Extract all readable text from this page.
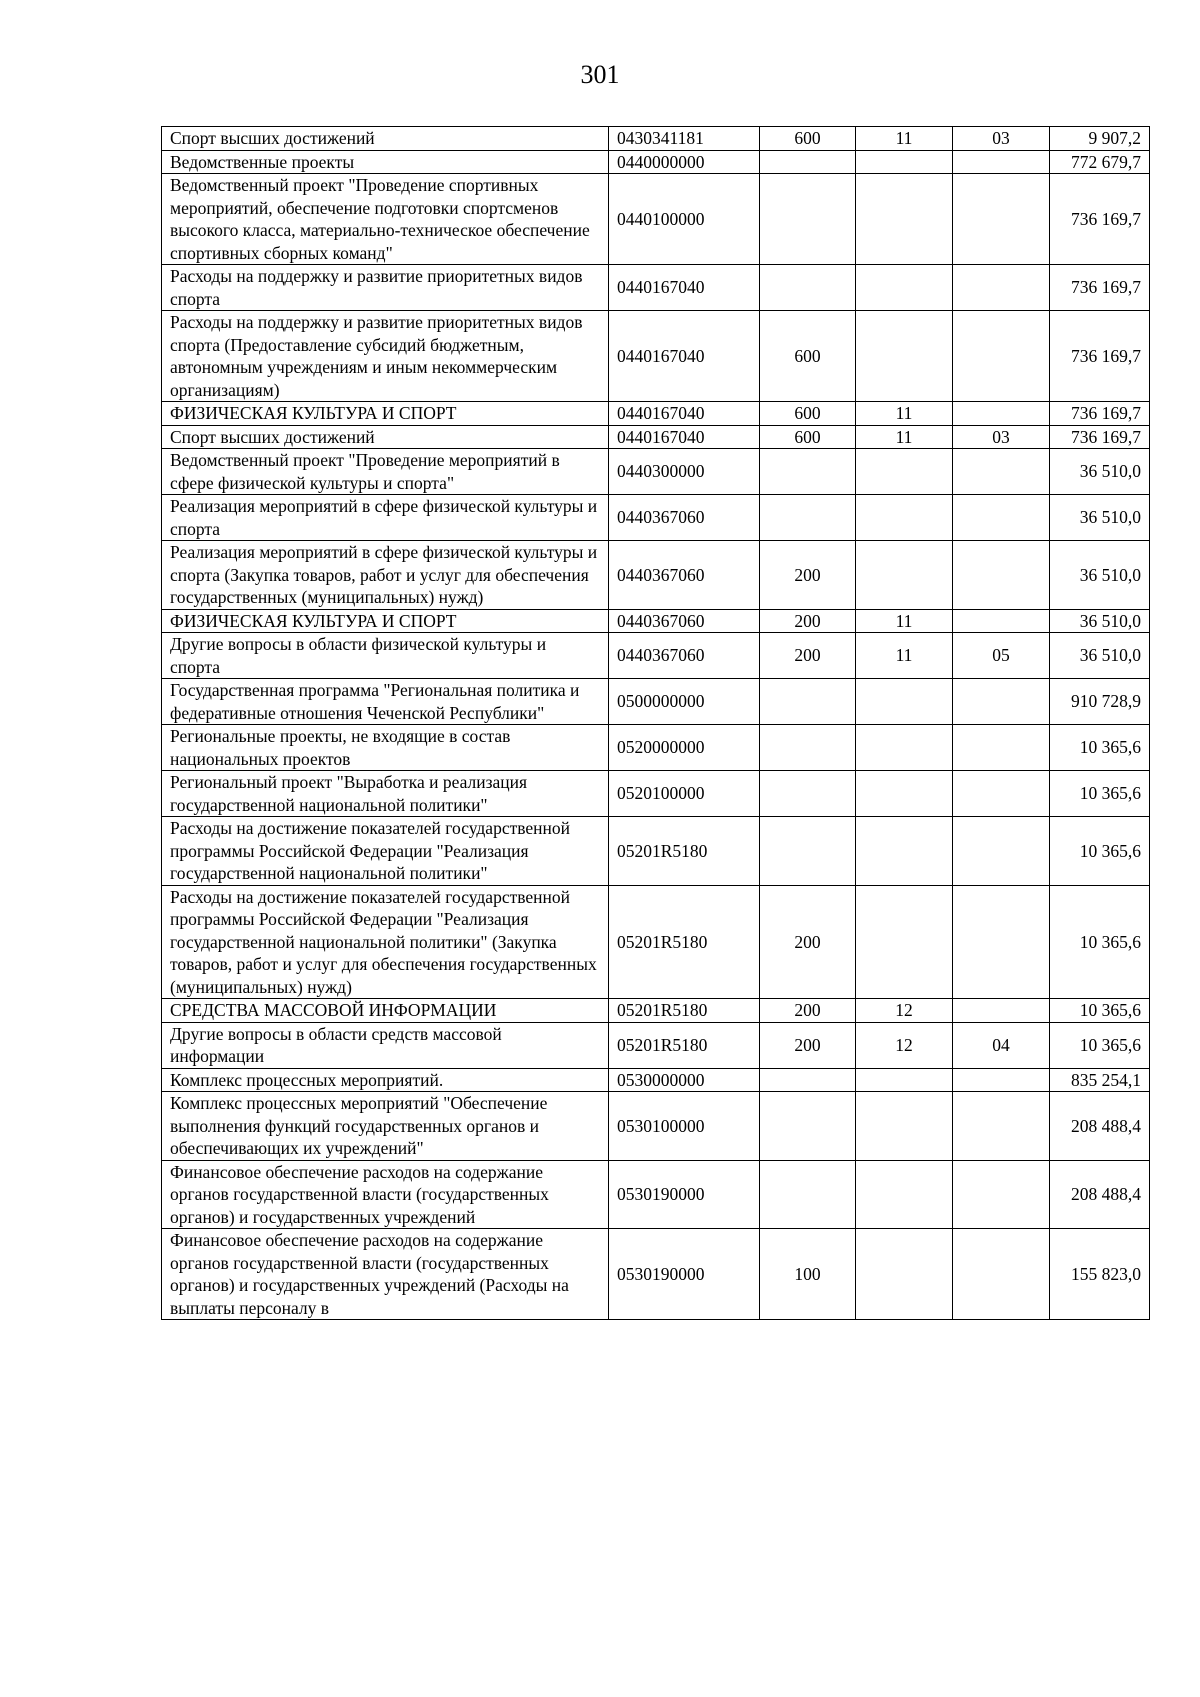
301
Спорт высших достижений	0430341181	600	11	03	9 907,2
Ведомственные проекты	0440000000				772 679,7
Ведомственный проект "Проведение спортивных мероприятий, обеспечение подготовки спортсменов высокого класса, материально-техническое обеспечение спортивных сборных команд"	0440100000				736 169,7
Расходы на поддержку и развитие приоритетных видов спорта	0440167040				736 169,7
Расходы на поддержку и развитие приоритетных видов спорта (Предоставление субсидий бюджетным, автономным учреждениям и иным некоммерческим организациям)	0440167040	600			736 169,7
ФИЗИЧЕСКАЯ КУЛЬТУРА И СПОРТ	0440167040	600	11		736 169,7
Спорт высших достижений	0440167040	600	11	03	736 169,7
Ведомственный проект "Проведение мероприятий в сфере физической культуры и спорта"	0440300000				36 510,0
Реализация мероприятий в сфере физической культуры и спорта	0440367060				36 510,0
Реализация мероприятий в сфере физической культуры и спорта (Закупка товаров, работ и услуг для обеспечения государственных (муниципальных) нужд)	0440367060	200			36 510,0
ФИЗИЧЕСКАЯ КУЛЬТУРА И СПОРТ	0440367060	200	11		36 510,0
Другие вопросы в области физической культуры и спорта	0440367060	200	11	05	36 510,0
Государственная программа "Региональная политика и федеративные отношения Чеченской Республики"	0500000000				910 728,9
Региональные проекты, не входящие в состав национальных проектов	0520000000				10 365,6
Региональный проект "Выработка и реализация государственной национальной политики"	0520100000				10 365,6
Расходы на достижение показателей государственной программы Российской Федерации "Реализация государственной национальной политики"	05201R5180				10 365,6
Расходы на достижение показателей государственной программы Российской Федерации "Реализация государственной национальной политики" (Закупка товаров, работ и услуг для обеспечения государственных (муниципальных) нужд)	05201R5180	200			10 365,6
СРЕДСТВА МАССОВОЙ ИНФОРМАЦИИ	05201R5180	200	12		10 365,6
Другие вопросы в области средств массовой информации	05201R5180	200	12	04	10 365,6
Комплекс процессных мероприятий.	0530000000				835 254,1
Комплекс процессных мероприятий "Обеспечение выполнения функций государственных органов и обеспечивающих их учреждений"	0530100000				208 488,4
Финансовое обеспечение расходов на содержание органов государственной власти (государственных органов) и государственных учреждений	0530190000				208 488,4
Финансовое обеспечение расходов на содержание органов государственной власти (государственных органов) и государственных учреждений (Расходы на выплаты персоналу в	0530190000	100			155 823,0
